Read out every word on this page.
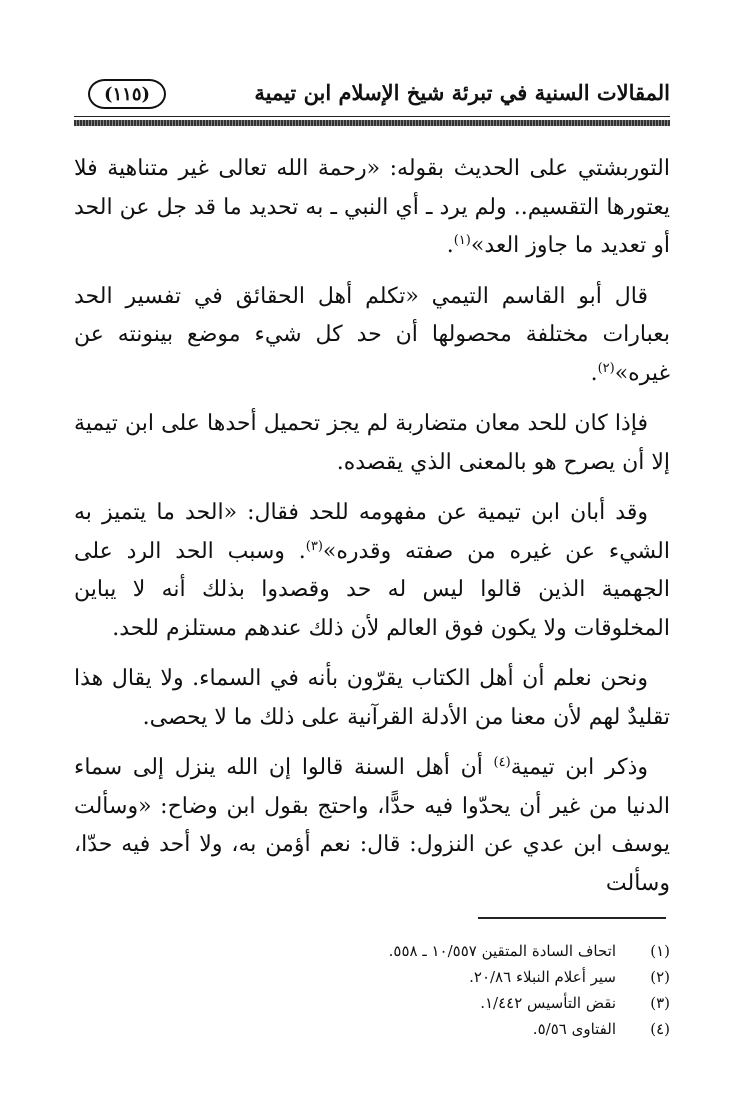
المقالات السنية في تبرئة شيخ الإسلام ابن تيمية
(١١٥)

التوربشتي على الحديث بقوله: «رحمة الله تعالى غير متناهية فلا يعتورها التقسيم.. ولم يرد ـ أي النبي ـ به تحديد ما قد جل عن الحد أو تعديد ما جاوز العد»$^{(١)}$.

قال أبو القاسم التيمي «تكلم أهل الحقائق في تفسير الحد بعبارات مختلفة محصولها أن حد كل شيء موضع بينونته عن غيره»$^{(٢)}$.

فإذا كان للحد معان متضاربة لم يجز تحميل أحدها على ابن تيمية إلا أن يصرح هو بالمعنى الذي يقصده.

وقد أبان ابن تيمية عن مفهومه للحد فقال: «الحد ما يتميز به الشيء عن غيره من صفته وقدره»$^{(٣)}$. وسبب الحد الرد على الجهمية الذين قالوا ليس له حد وقصدوا بذلك أنه لا يباين المخلوقات ولا يكون فوق العالم لأن ذلك عندهم مستلزم للحد.

ونحن نعلم أن أهل الكتاب يقرّون بأنه في السماء. ولا يقال هذا تقليدٌ لهم لأن معنا من الأدلة القرآنية على ذلك ما لا يحصى.

وذكر ابن تيمية$^{(٤)}$ أن أهل السنة قالوا إن الله ينزل إلى سماء الدنيا من غير أن يحدّوا فيه حدًّا، واحتج بقول ابن وضاح: «وسألت يوسف ابن عدي عن النزول: قال: نعم أؤمن به، ولا أحد فيه حدّا، وسألت

(١)
اتحاف السادة المتقين ١٠/٥٥٧ ـ ٥٥٨.
(٢)
سير أعلام النبلاء ٢٠/٨٦.
(٣)
نقض التأسيس ١/٤٤٢.
(٤)
الفتاوى ٥/٥٦.
